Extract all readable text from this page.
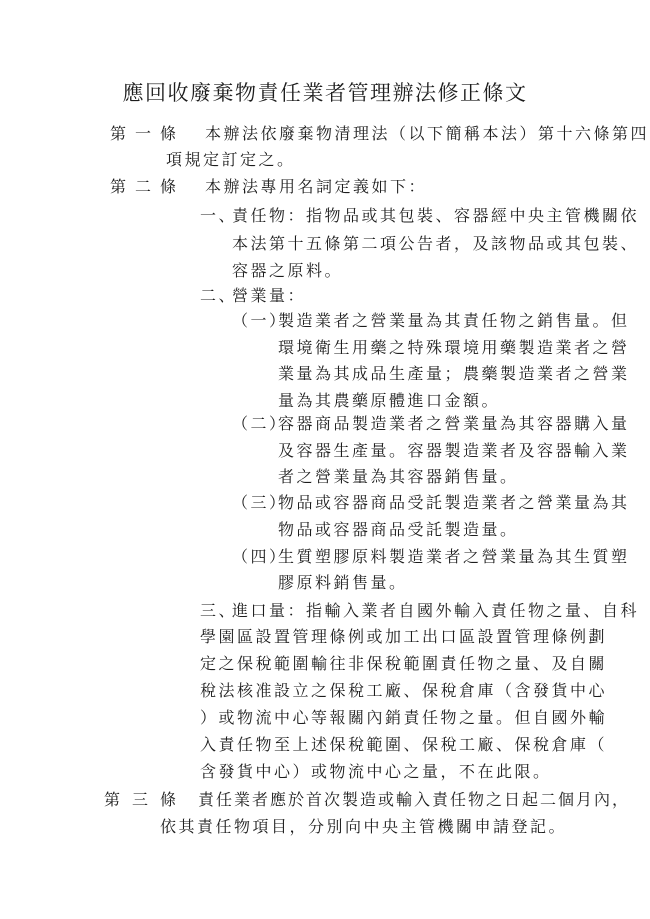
應回收廢棄物責任業者管理辦法修正條文
第一條 本辦法依廢棄物清理法（以下簡稱本法）第十六條第四
項規定訂定之。
第二條 本辦法專用名詞定義如下：
一、
責任物：指物品或其包裝、容器經中央主管機關依
本法第十五條第二項公告者，及該物品或其包裝、
容器之原料。
二、
營業量：
（一）
製造業者之營業量為其責任物之銷售量。但
環境衛生用藥之特殊環境用藥製造業者之營
業量為其成品生產量；農藥製造業者之營業
量為其農藥原體進口金額。
（二）
容器商品製造業者之營業量為其容器購入量
及容器生產量。容器製造業者及容器輸入業
者之營業量為其容器銷售量。
（三）
物品或容器商品受託製造業者之營業量為其
物品或容器商品受託製造量。
（四）
生質塑膠原料製造業者之營業量為其生質塑
膠原料銷售量。
三、
進口量：指輸入業者自國外輸入責任物之量、自科
學園區設置管理條例或加工出口區設置管理條例劃
定之保稅範圍輸往非保稅範圍責任物之量、及自關
稅法核准設立之保稅工廠、保稅倉庫（含發貨中心
）或物流中心等報關內銷責任物之量。但自國外輸
入責任物至上述保稅範圍、保稅工廠、保稅倉庫（
含發貨中心）或物流中心之量，不在此限。
第三條 責任業者應於首次製造或輸入責任物之日起二個月內，
依其責任物項目，分別向中央主管機關申請登記。
